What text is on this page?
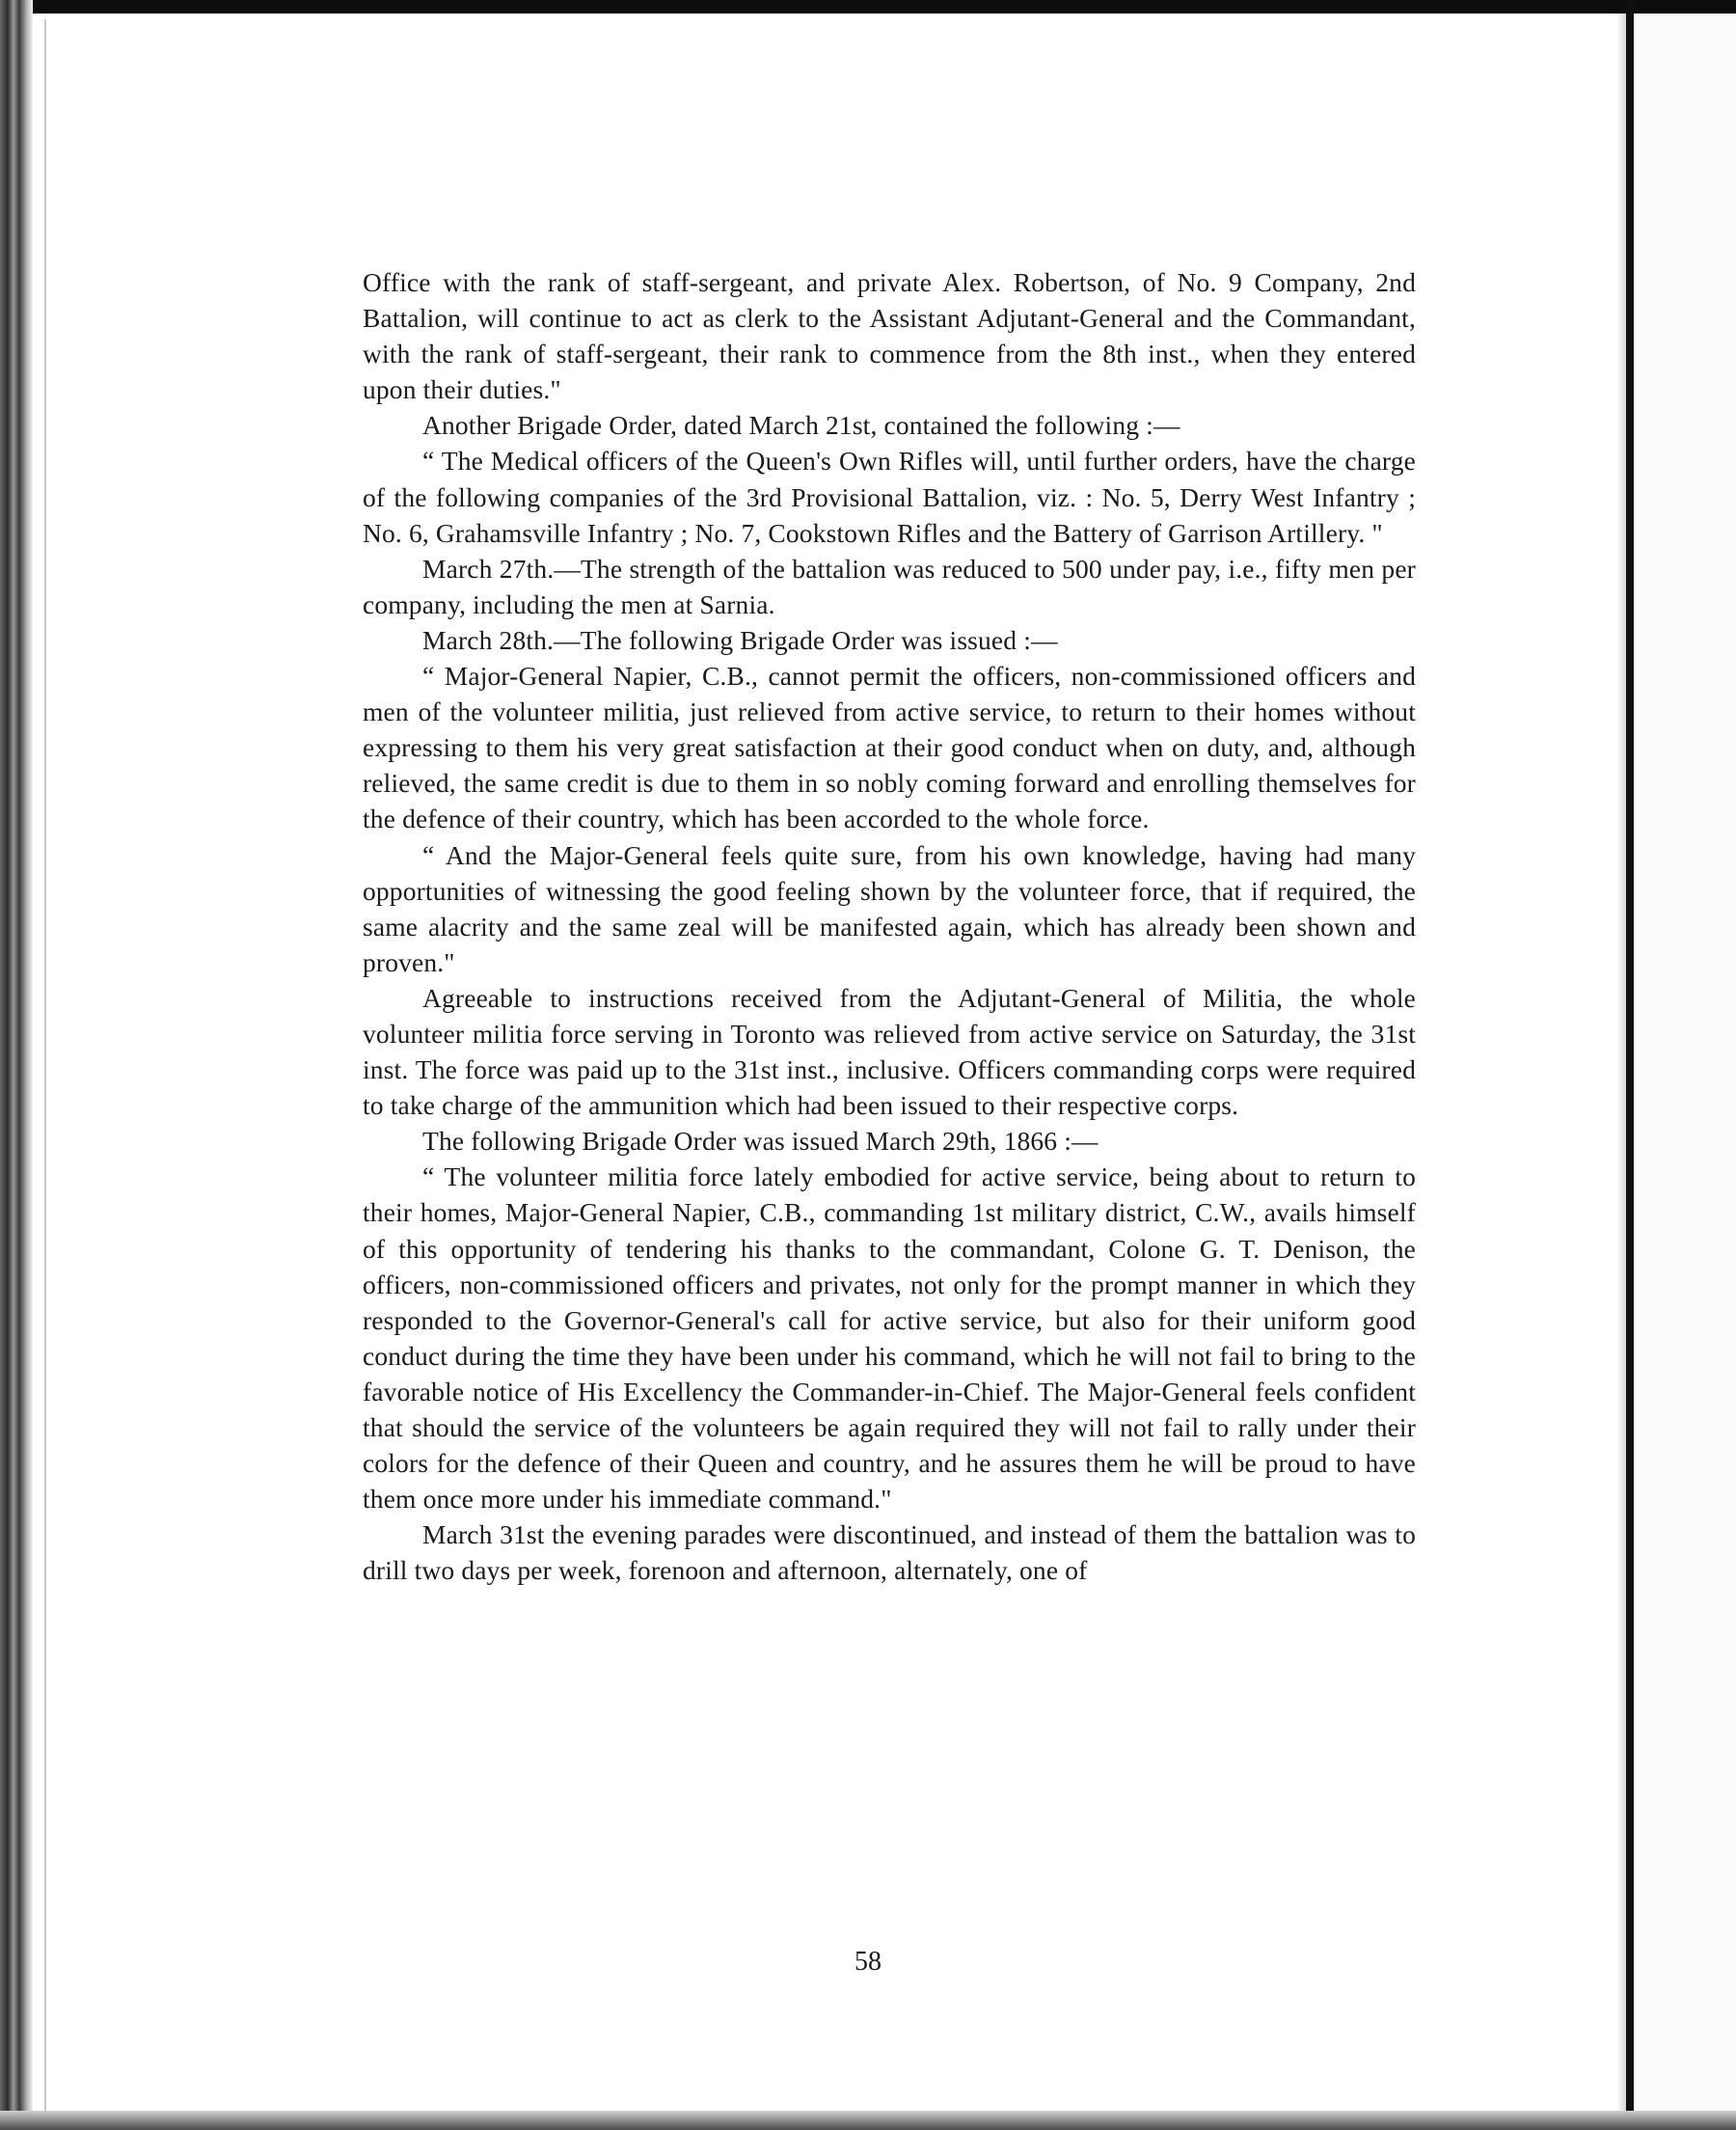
Office with the rank of staff-sergeant, and private Alex. Robertson, of No. 9 Company, 2nd Battalion, will continue to act as clerk to the Assistant Adjutant-General and the Commandant, with the rank of staff-sergeant, their rank to commence from the 8th inst., when they entered upon their duties."

Another Brigade Order, dated March 21st, contained the following :—

“ The Medical officers of the Queen's Own Rifles will, until further orders, have the charge of the following companies of the 3rd Provisional Battalion, viz. : No. 5, Derry West Infantry ; No. 6, Grahamsville Infantry ; No. 7, Cookstown Rifles and the Battery of Garrison Artillery. "

March 27th.—The strength of the battalion was reduced to 500 under pay, i.e., fifty men per company, including the men at Sarnia.

March 28th.—The following Brigade Order was issued :—

“ Major-General Napier, C.B., cannot permit the officers, non-commissioned officers and men of the volunteer militia, just relieved from active service, to return to their homes without expressing to them his very great satisfaction at their good conduct when on duty, and, although relieved, the same credit is due to them in so nobly coming forward and enrolling themselves for the defence of their country, which has been accorded to the whole force.

“ And the Major-General feels quite sure, from his own knowledge, having had many opportunities of witnessing the good feeling shown by the volunteer force, that if required, the same alacrity and the same zeal will be manifested again, which has already been shown and proven."

Agreeable to instructions received from the Adjutant-General of Militia, the whole volunteer militia force serving in Toronto was relieved from active service on Saturday, the 31st inst. The force was paid up to the 31st inst., inclusive. Officers commanding corps were required to take charge of the ammunition which had been issued to their respective corps.

The following Brigade Order was issued March 29th, 1866 :—

“ The volunteer militia force lately embodied for active service, being about to return to their homes, Major-General Napier, C.B., commanding 1st military district, C.W., avails himself of this opportunity of tendering his thanks to the commandant, Colone G. T. Denison, the officers, non-commissioned officers and privates, not only for the prompt manner in which they responded to the Governor-General's call for active service, but also for their uniform good conduct during the time they have been under his command, which he will not fail to bring to the favorable notice of His Excellency the Commander-in-Chief. The Major-General feels confident that should the service of the volunteers be again required they will not fail to rally under their colors for the defence of their Queen and country, and he assures them he will be proud to have them once more under his immediate command."

March 31st the evening parades were discontinued, and instead of them the battalion was to drill two days per week, forenoon and afternoon, alternately, one of

58
